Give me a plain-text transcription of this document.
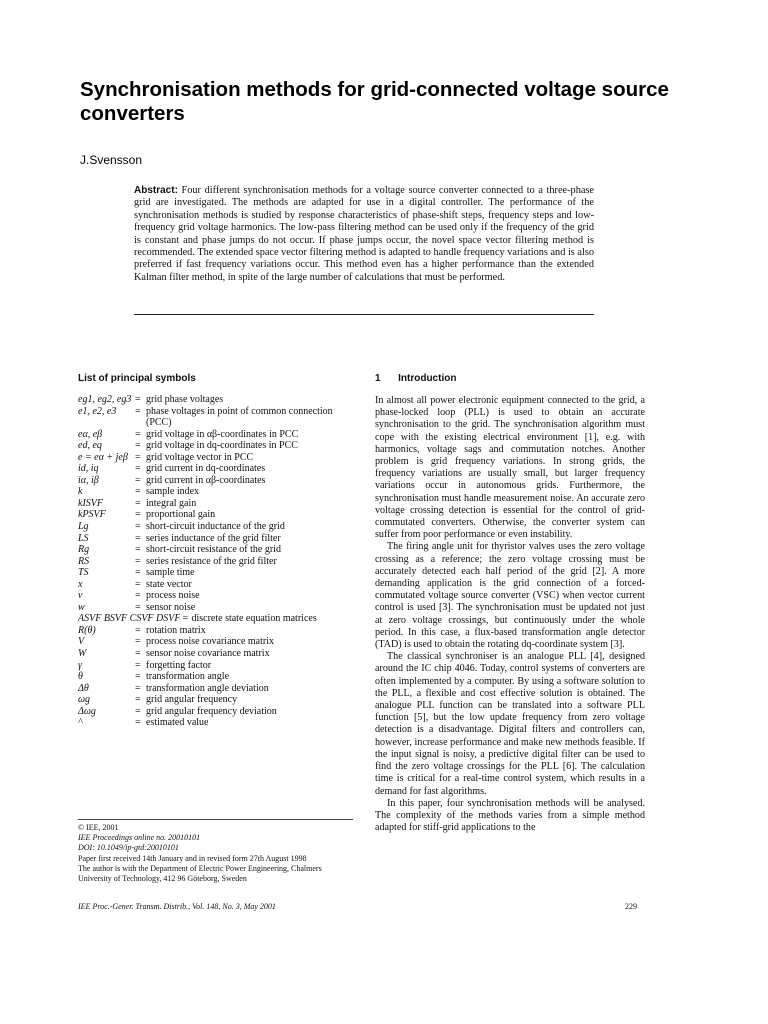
Synchronisation methods for grid-connected voltage source converters
J.Svensson
Abstract: Four different synchronisation methods for a voltage source converter connected to a three-phase grid are investigated. The methods are adapted for use in a digital controller. The performance of the synchronisation methods is studied by response characteristics of phase-shift steps, frequency steps and low-frequency grid voltage harmonics. The low-pass filtering method can be used only if the frequency of the grid is constant and phase jumps do not occur. If phase jumps occur, the novel space vector filtering method is recommended. The extended space vector filtering method is adapted to handle frequency variations and is also preferred if fast frequency variations occur. This method even has a higher performance than the extended Kalman filter method, in spite of the large number of calculations that must be performed.
List of principal symbols	1 Introduction
eg1, eg2, eg3 = grid phase voltages
e1, e2, e3	= phase voltages in point of common connection (PCC)
eα, eβ	= grid voltage in αβ-coordinates in PCC
ed, eq	= grid voltage in dq-coordinates in PCC
e = eα + jeβ = grid voltage vector in PCC
id, iq	= grid current in dq-coordinates
iα, iβ	= grid current in αβ-coordinates
k	= sample index
kISVF	= integral gain
kPSVF	= proportional gain
Lg	= short-circuit inductance of the grid
LS	= series inductance of the grid filter
Rg	= short-circuit resistance of the grid
RS	= series resistance of the grid filter
TS	= sample time
x	= state vector
v	= process noise
w	= sensor noise
ASVF BSVF CSVF DSVF = discrete state equation matrices
R(θ)	= rotation matrix
V	= process noise covariance matrix
W	= sensor noise covariance matrix
γ	= forgetting factor
θ	= transformation angle
Δθ	= transformation angle deviation
ωg	= grid angular frequency
Δωg	= grid angular frequency deviation
^	= estimated value

© IEE, 2001

IEE Proceedings online no. 20010101

DOI: 10.1049/ip-gtd:20010101

Paper first received 14th January and in revised form 27th August 1998

The author is with the Department of Electric Power Engineering, Chalmers University of Technology, 412 96 Göteborg, Sweden

In almost all power electronic equipment connected to the grid, a phase-locked loop (PLL) is used to obtain an accurate synchronisation to the grid. The synchronisation algorithm must cope with the existing electrical environment [1], e.g. with harmonics, voltage sags and commutation notches. Another problem is grid frequency variations. In strong grids, the frequency variations are usually small, but larger frequency variations occur in autonomous grids. Furthermore, the synchronisation must handle measurement noise. An accurate zero voltage crossing detection is essential for the control of grid-commutated converters. Otherwise, the converter system can suffer from poor performance or even instability.

The firing angle unit for thyristor valves uses the zero voltage crossing as a reference; the zero voltage crossing must be accurately detected each half period of the grid [2]. A more demanding application is the grid connection of a forced-commutated voltage source converter (VSC) when vector current control is used [3]. The synchronisation must be updated not just at zero voltage crossings, but continuously under the whole period. In this case, a flux-based transformation angle detector (TAD) is used to obtain the rotating dq-coordinate system [3].

The classical synchroniser is an analogue PLL [4], designed around the IC chip 4046. Today, control systems of converters are often implemented by a computer. By using a software solution to the PLL, a flexible and cost effective solution is obtained. The analogue PLL function can be translated into a software PLL function [5], but the low update frequency from zero voltage detection is a disadvantage. Digital filters and controllers can, however, increase performance and make new methods feasible. If the input signal is noisy, a predictive digital filter can be used to find the zero voltage crossings for the PLL [6]. The calculation time is critical for a real-time control system, which results in a demand for fast algorithms.

In this paper, four synchronisation methods will be analysed. The complexity of the methods varies from a simple method adapted for stiff-grid applications to the

IEE Proc.-Gener. Transm. Distrib., Vol. 148, No. 3, May 2001	229
